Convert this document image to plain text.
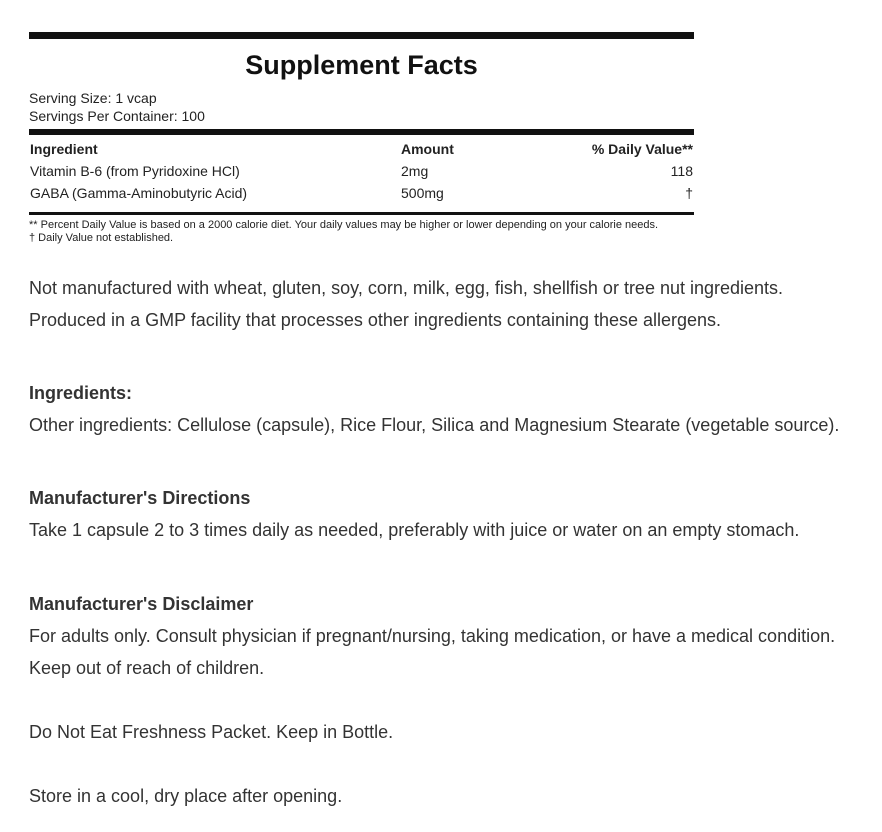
Supplement Facts
Serving Size: 1 vcap
Servings Per Container: 100
Ingredient	Amount	% Daily Value**
Vitamin B-6 (from Pyridoxine HCl)	2mg	118
GABA (Gamma-Aminobutyric Acid)	500mg	†
** Percent Daily Value is based on a 2000 calorie diet. Your daily values may be higher or lower depending on your calorie needs.
† Daily Value not established.

Not manufactured with wheat, gluten, soy, corn, milk, egg, fish, shellfish or tree nut ingredients.

Produced in a GMP facility that processes other ingredients containing these allergens.

Ingredients:

Other ingredients: Cellulose (capsule), Rice Flour, Silica and Magnesium Stearate (vegetable source).

Manufacturer's Directions

Take 1 capsule 2 to 3 times daily as needed, preferably with juice or water on an empty stomach.

Manufacturer's Disclaimer

For adults only. Consult physician if pregnant/nursing, taking medication, or have a medical condition.

Keep out of reach of children.

Do Not Eat Freshness Packet. Keep in Bottle.

Store in a cool, dry place after opening.
